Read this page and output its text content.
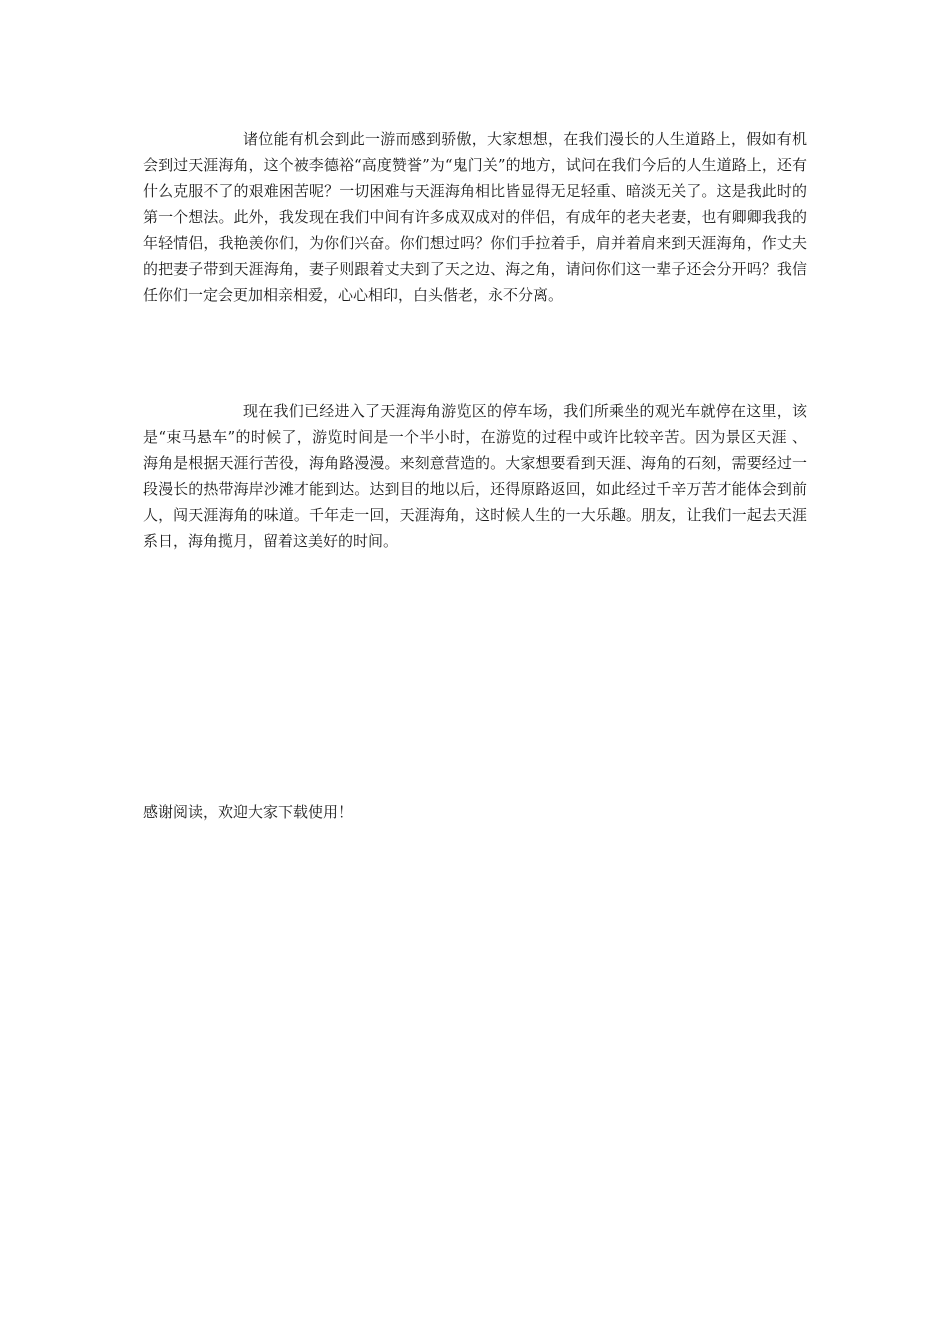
诸位能有机会到此一游而感到骄傲，大家想想，在我们漫长的人生道路上，假如有机会到过天涯海角，这个被李德裕“高度赞誉”为“鬼门关”的地方，试问在我们今后的人生道路上，还有什么克服不了的艰难困苦呢？一切困难与天涯海角相比皆显得无足轻重、暗淡无关了。这是我此时的第一个想法。此外，我发现在我们中间有许多成双成对的伴侣，有成年的老夫老妻，也有卿卿我我的年轻情侣，我艳羡你们，为你们兴奋。你们想过吗？你们手拉着手，肩并着肩来到天涯海角，作丈夫的把妻子带到天涯海角，妻子则跟着丈夫到了天之边、海之角，请问你们这一辈子还会分开吗？我信任你们一定会更加相亲相爱，心心相印，白头偕老，永不分离。

现在我们已经进入了天涯海角游览区的停车场，我们所乘坐的观光车就停在这里，该是“束马悬车”的时候了，游览时间是一个半小时，在游览的过程中或许比较辛苦。因为景区天涯 、海角是根据天涯行苦役，海角路漫漫。来刻意营造的。大家想要看到天涯、海角的石刻，需要经过一段漫长的热带海岸沙滩才能到达。达到目的地以后，还得原路返回，如此经过千辛万苦才能体会到前人，闯天涯海角的味道。千年走一回，天涯海角，这时候人生的一大乐趣。朋友，让我们一起去天涯系日，海角揽月，留着这美好的时间。

感谢阅读，欢迎大家下载使用！
